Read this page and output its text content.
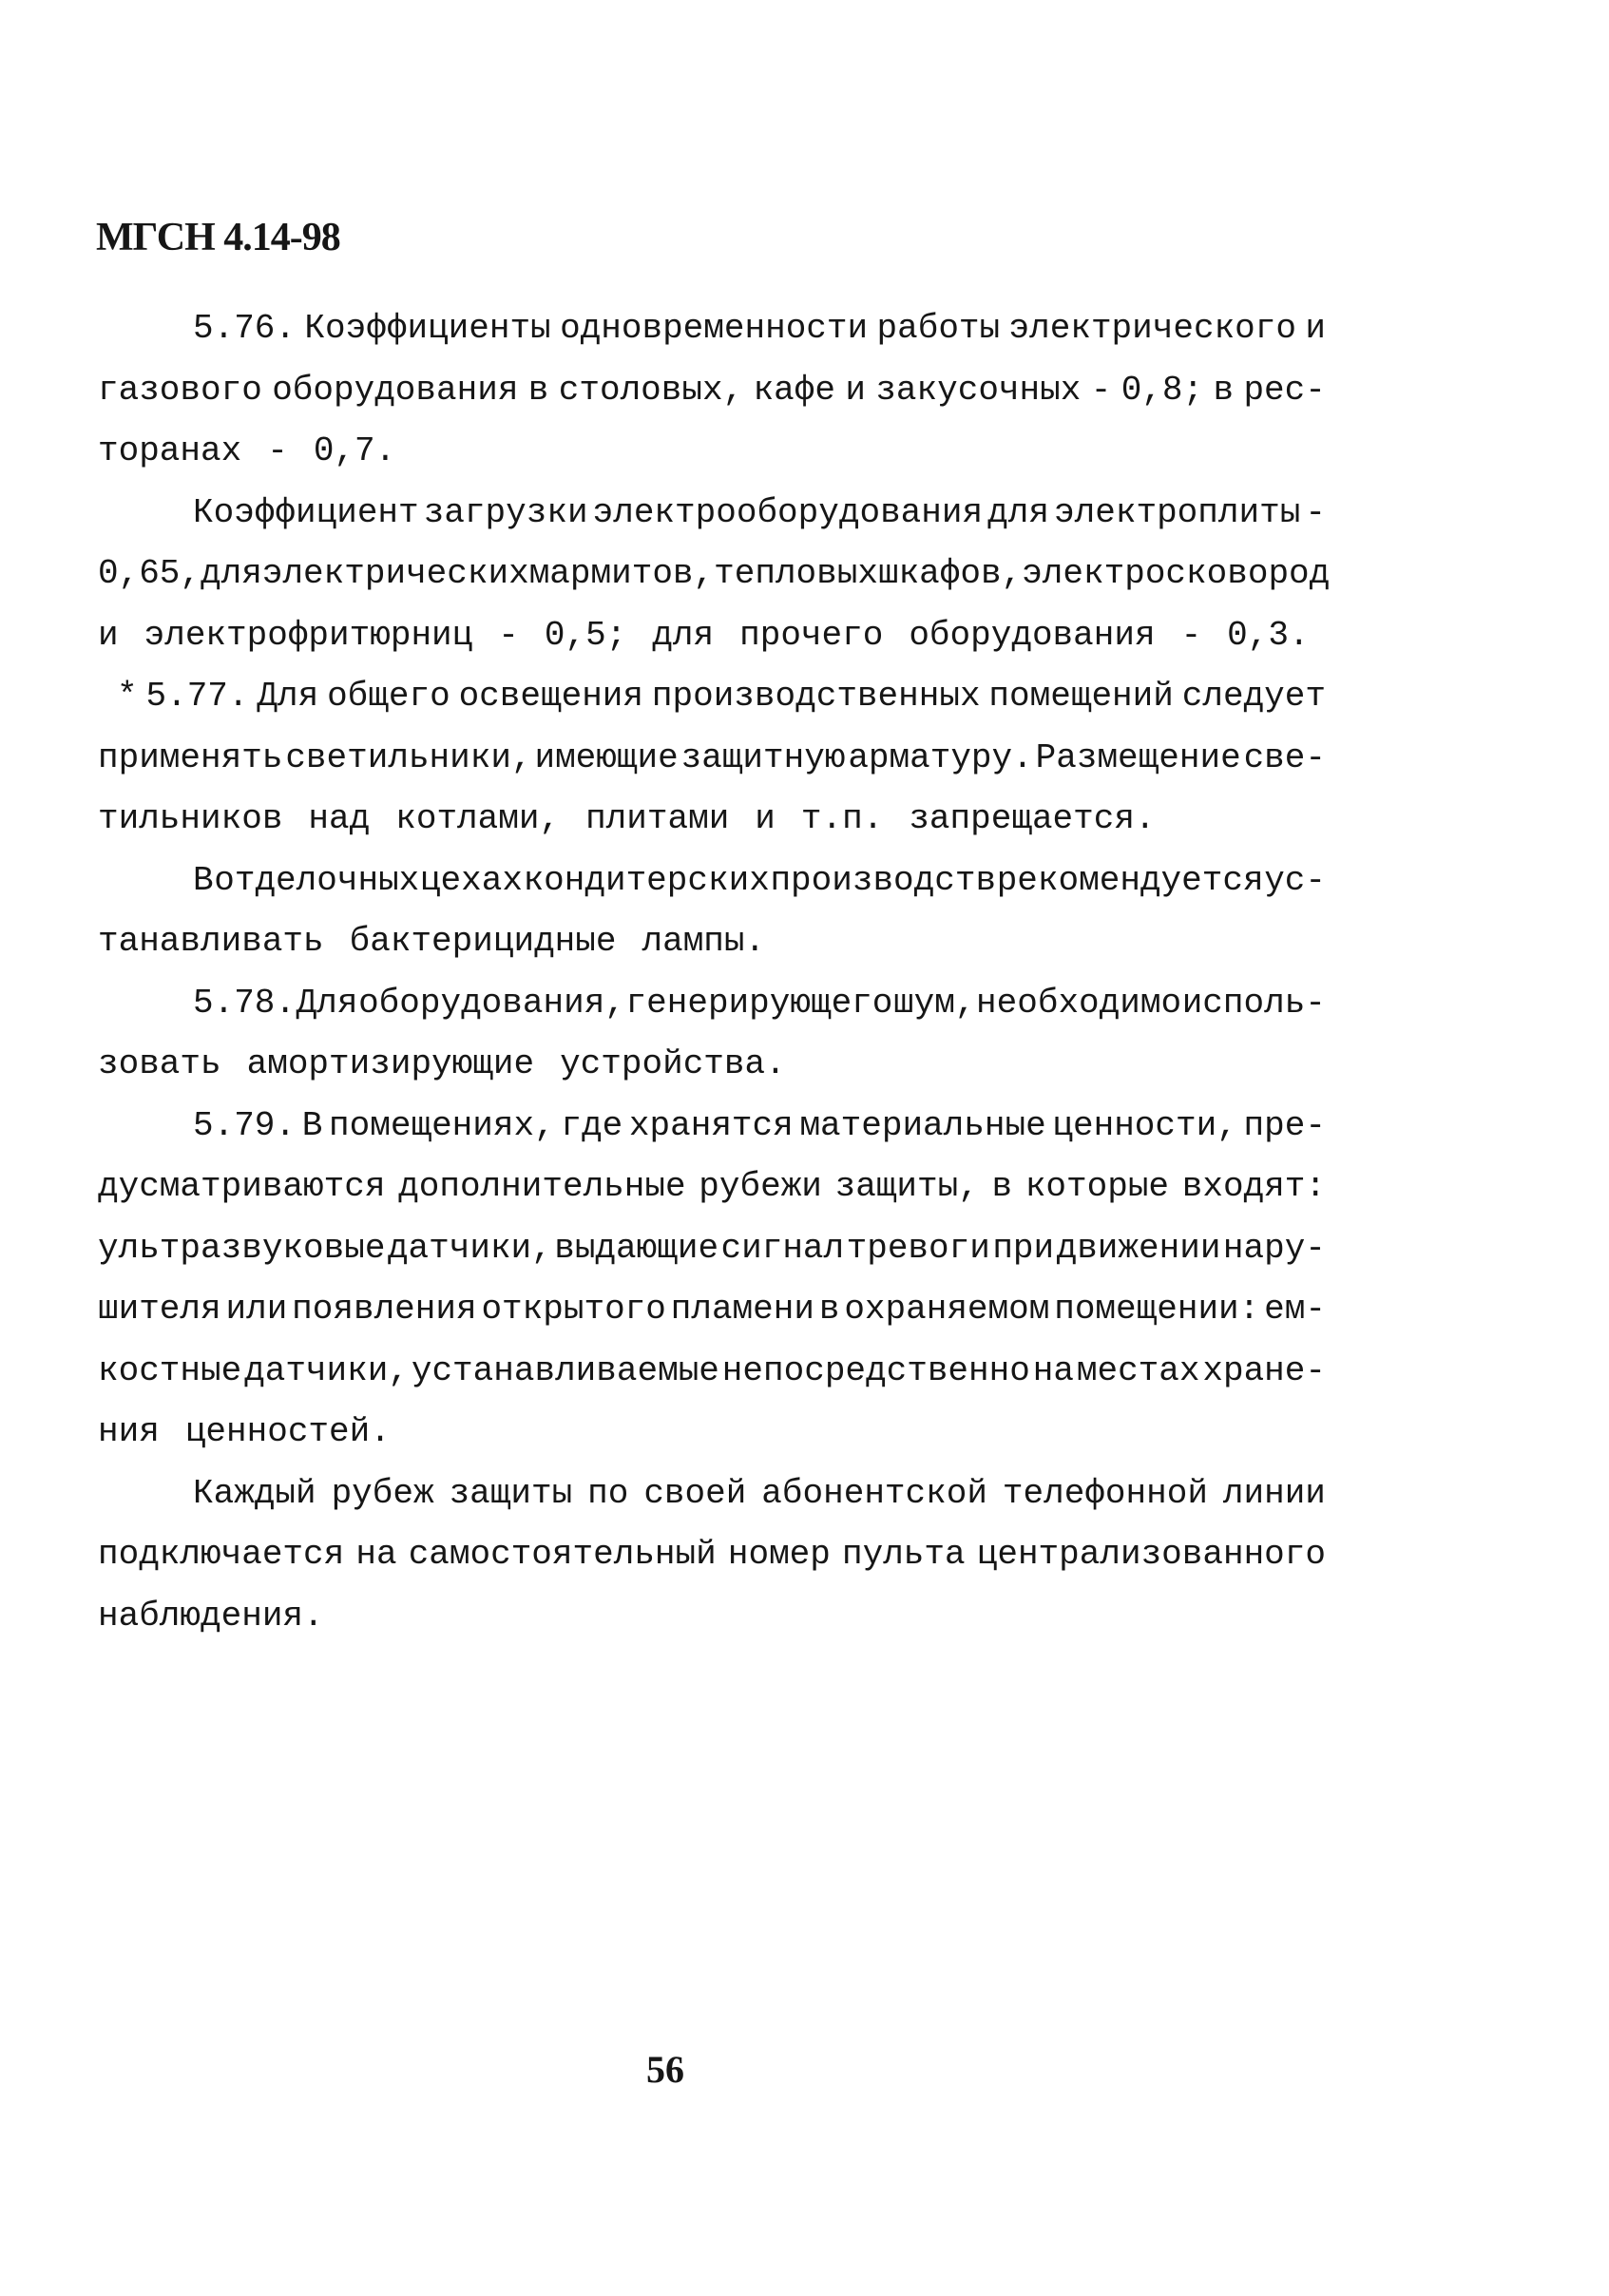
МГСН 4.14-98
5.76. Коэффициенты одновременности работы электрического и
газового оборудования в столовых, кафе и закусочных - 0,8; в рес-
торанах - 0,7.
Коэффициент загрузки электрооборудования для электроплиты -
0,65, для электрических мармитов, тепловых шкафов, электросковород
и электрофритюрниц - 0,5; для прочего оборудования - 0,3.
* 5.77. Для общего освещения производственных помещений следует
применять светильники, имеющие защитную арматуру. Размещение све-
тильников над котлами, плитами и т.п. запрещается.
В отделочных цехах кондитерских производств рекомендуется ус-
танавливать бактерицидные лампы.
5.78. Для оборудования, генерирующего шум, необходимо исполь-
зовать амортизирующие устройства.
5.79. В помещениях, где хранятся материальные ценности, пре-
дусматриваются дополнительные рубежи защиты, в которые входят:
ультразвуковые датчики, выдающие сигнал тревоги при движении нару-
шителя или появления открытого пламени в охраняемом помещении: ем-
костные датчики, устанавливаемые непосредственно на местах хране-
ния ценностей.
Каждый рубеж защиты по своей абонентской телефонной линии
подключается на самостоятельный номер пульта централизованного
наблюдения.
56
